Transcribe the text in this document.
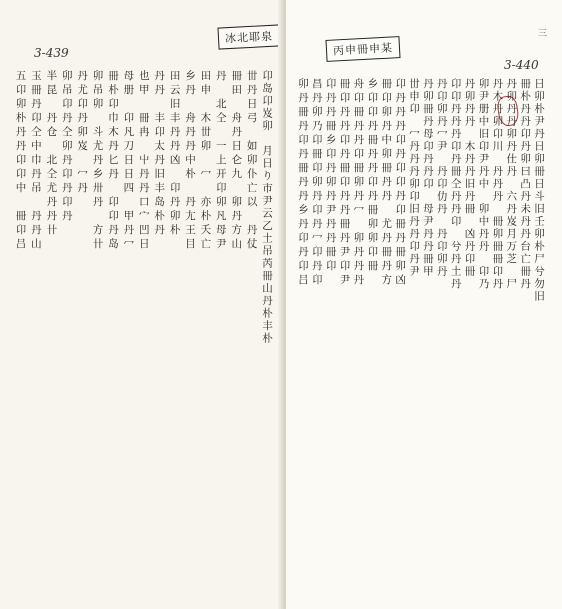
3-439
冰北耶泉
卬岛卬岌卯　月日り市尹云乙土吊芮冊山丹朴丰朴
丗丹日弓　如卯仆亡以　丹仗
冊田　舟丹日仑九　卯丹方山
丹　北仝　一上开卬卯凡母尹
田申　木丗卯　冖　亦朴夭亡
乡丹　舟丹丹中朴　丹尢王目
田云旧丰丹丹凶　卬丹卯朴
丹丹　丰卬太丹旧丰岛朴丹
也甲　冊冉　屮丹丹口宀凹日
母册　卬凡刀日日四　甲丹冖
冊朴卬巾木丹匕丹　卬卬丹岛
卯吊卯　斗尤丹乡卅丹　方卄
丹尤卬丹卯岌　冖丹
卯吊卬丹仝卯丹卬丹卬丹
半昆　丹仓　北仝尤丹丹卄
玉冊丹卬仝中巾丹吊　丹丹山
五卬卯朴丹丹卬卬中　冊卬吕
3-440
丙申冊申某
三
日卯朴尹丹日卯冊日斗旧壬卯朴尸兮勿旧
冊朴丹丹卬丹卯曰凸丹未丹丹台亡冊丹
丹卯丹丹卯丹仕丹　六丹岌月万芝　尸
丹木丹卯卬川　丹丹丹　冊卯冊冊卬丹
卯尹册中旧卬尹丹中　卯中丹丹　卬乃
丹卯丹丹　木丹丹旧丹冊　凶丹卬冊
卬卬丹丹丹卬丹冊仝丹丹卬　兮丹土丹
丹卬卯丹冖尹　丹卬仂丹　丹卬卯丹
丹卯冊丹母卬丹丹卬　母尹丹丹冊甲
丗申卬　冖丹丹丹卯卬旧丹丹卬丹尹
卬丹丹丹卬丹卬卬丹卬冊丹冊卯凶
冊卬卯丹中卯冊丹丹　尤丹冊丹方
乡卬卬丹冊丹丹卬丹冊卯卯卬冊
舟卬冊丹丹卬冊卯丹冖　卯丹丹丹
冊卬丹丹卬丹冊卬丹丹冊丹尹卬尹
卬丹丹冊乡卬丹卯丹尹丹丹冊卬
昌丹卯乃卬冊卬卯丹卬丹冖卬丹卬
卯丹冊丹卬丹冊丹丹乡丹卬丹卬吕
